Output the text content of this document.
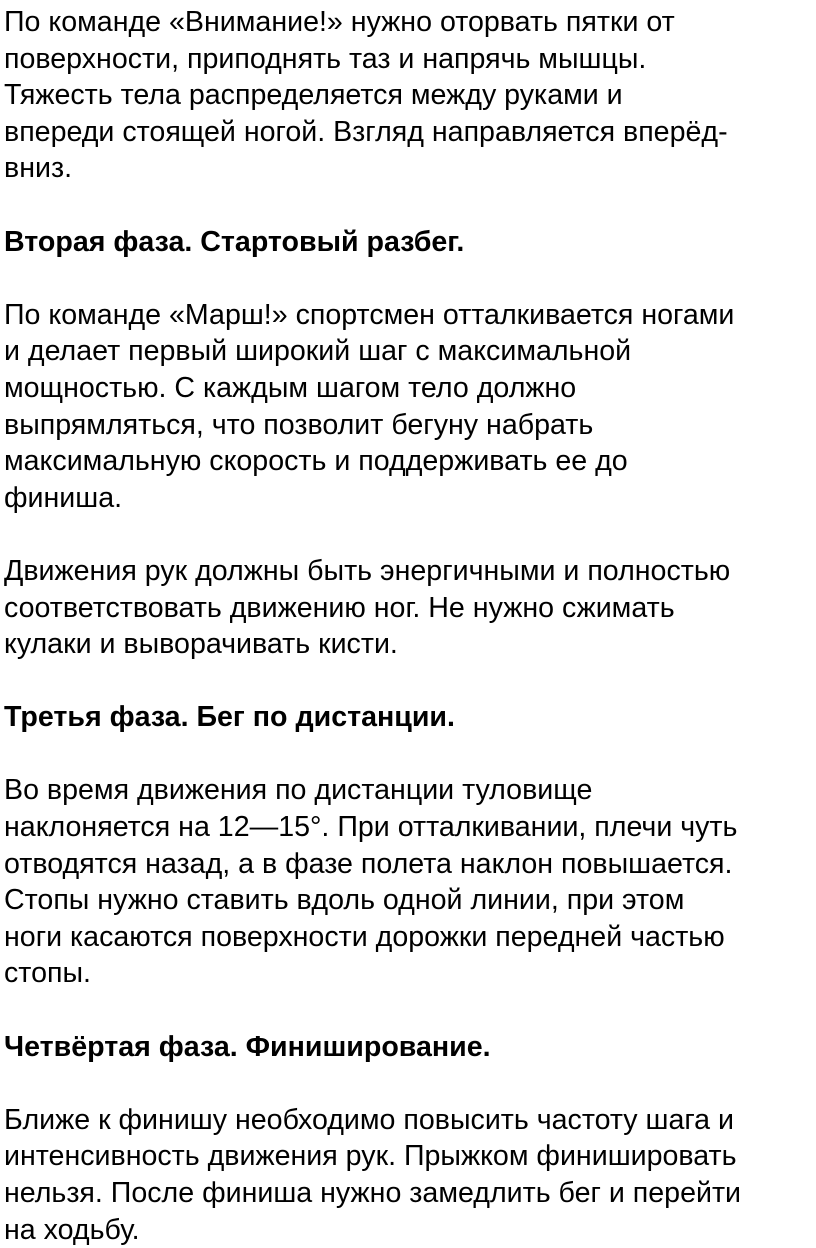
По команде «Внимание!» нужно оторвать пятки от
поверхности, приподнять таз и напрячь мышцы.
Тяжесть тела распределяется между руками и
впереди стоящей ногой. Взгляд направляется вперёд-
вниз.

Вторая фаза. Стартовый разбег.

По команде «Марш!» спортсмен отталкивается ногами
и делает первый широкий шаг с максимальной
мощностью. С каждым шагом тело должно
выпрямляться, что позволит бегуну набрать
максимальную скорость и поддерживать ее до
финиша.

Движения рук должны быть энергичными и полностью
соответствовать движению ног. Не нужно сжимать
кулаки и выворачивать кисти.

Третья фаза. Бег по дистанции.

Во время движения по дистанции туловище
наклоняется на 12—15°. При отталкивании, плечи чуть
отводятся назад, а в фазе полета наклон повышается.
Стопы нужно ставить вдоль одной линии, при этом
ноги касаются поверхности дорожки передней частью
стопы.

Четвёртая фаза. Финиширование.

Ближе к финишу необходимо повысить частоту шага и
интенсивность движения рук. Прыжком финишировать
нельзя. После финиша нужно замедлить бег и перейти
на ходьбу.
